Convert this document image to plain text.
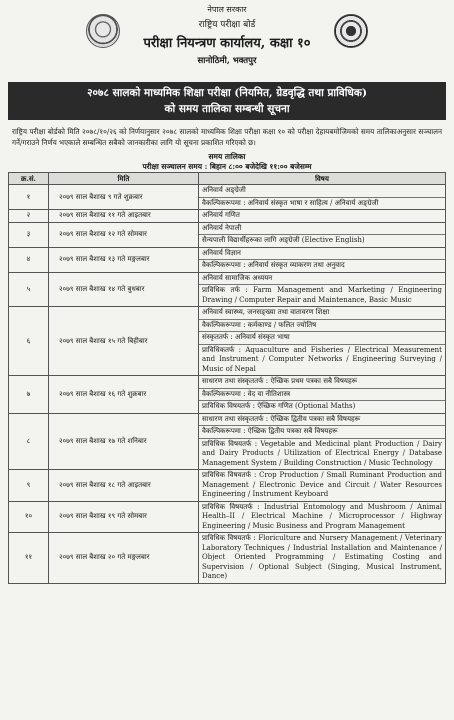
नेपाल सरकार
राष्ट्रिय परीक्षा बोर्ड
परीक्षा नियन्त्रण कार्यालय, कक्षा १०
सानोठिमी, भक्तपुर
२०७८ सालको माध्यमिक शिक्षा परीक्षा (नियमित, ग्रेडवृद्धि तथा प्राविधिक)
को समय तालिका सम्बन्धी सूचना
राष्ट्रिय परीक्षा बोर्डको मिति २०७८/१०/२६ को निर्णयानुसार २०७८ सालको माध्यमिक शिक्षा परीक्षा कक्षा १० को परीक्षा देहायबमोजिमको समय तालिकाअनुसार सञ्चालन गर्ने/गराउने निर्णय भएकाले सम्बन्धित सबैको जानकारीका लागि यो सूचना प्रकाशित गरिएको छ।
समय तालिका
परीक्षा सञ्चालन समय : बिहान ८:०० बजेदेखि ११:०० बजेसम्म
क्र.सं.	मिति	विषय
१	२०७९ साल बैशाख ९ गते शुक्रबार	अनिवार्य अङ्ग्रेजी
वैकल्पिकरूपमा : अनिवार्य संस्कृत भाषा र साहित्य / अनिवार्य अङ्ग्रेजी

२	२०७९ साल बैशाख ११ गते आइतबार	अनिवार्य गणित

३	२०७९ साल बैशाख १२ गते सोमबार	अनिवार्य नेपाली
सैन्यपाली विद्यार्थीहरूका लागि अङ्ग्रेजी (Elective English)

४	२०७९ साल बैशाख १३ गते मङ्गलबार	अनिवार्य विज्ञान
वैकल्पिकरूपमा : अनिवार्य संस्कृत व्याकरण तथा अनुवाद

५	२०७९ साल बैशाख १४ गते बुधबार	अनिवार्य सामाजिक अध्ययन
प्राविधिक तर्फ : Farm Management and Marketing / Engineering Drawing / Computer Repair and Maintenance, Basic Music

६	२०७९ साल बैशाख १५ गते बिहीबार	अनिवार्य स्वास्थ्य, जनसङ्ख्या तथा वातावरण शिक्षा
वैकल्पिकरूपमा : कर्मकाण्ड / फलित ज्योतिष
संस्कृततर्फ : अनिवार्य संस्कृत भाषा
प्राविधिकतर्फ : Aquaculture and Fisheries / Electrical Measurement and Instrument / Computer Networks / Engineering Surveying / Music of Nepal

७	२०७९ साल बैशाख १६ गते शुक्रबार	साधारण तथा संस्कृततर्फ : ऐच्छिक प्रथम पत्रका सबै विषयहरू
वैकल्पिकरूपमा : वेद वा नीतिशास्त्र
प्राविधिक विषयतर्फ : ऐच्छिक गणित (Optional Maths)

८	२०७९ साल बैशाख १७ गते शनिबार	साधारण तथा संस्कृततर्फ : ऐच्छिक द्वितीय पत्रका सबै विषयहरू
वैकल्पिकरूपमा : ऐच्छिक द्वितीय पत्रका सबै विषयहरू
प्राविधिक विषयतर्फ : Vegetable and Medicinal plant Production / Dairy and Dairy Products / Utilization of Electrical Energy / Database Management System / Building Construction / Music Technology

९	२०७९ साल बैशाख १८ गते आइतबार	प्राविधिक विषयतर्फ : Crop Production / Small Ruminant Production and Management / Electronic Device and Circuit / Water Resources Engineering / Instrument Keyboard

१०	२०७९ साल बैशाख १९ गते सोमबार	प्राविधिक विषयतर्फ : Industrial Entomology and Mushroom / Animal Health–II / Electrical Machine / Microprocessor / Highway Engineering / Music Business and Program Management

११	२०७९ साल बैशाख २० गते मङ्गलबार	प्राविधिक विषयतर्फ : Floriculture and Nursery Management / Veterinary Laboratory Techniques / Industrial Installation and Maintenance / Object Oriented Programming / Estimating Costing and Supervision / Optional Subject (Singing, Musical Instrument, Dance)
